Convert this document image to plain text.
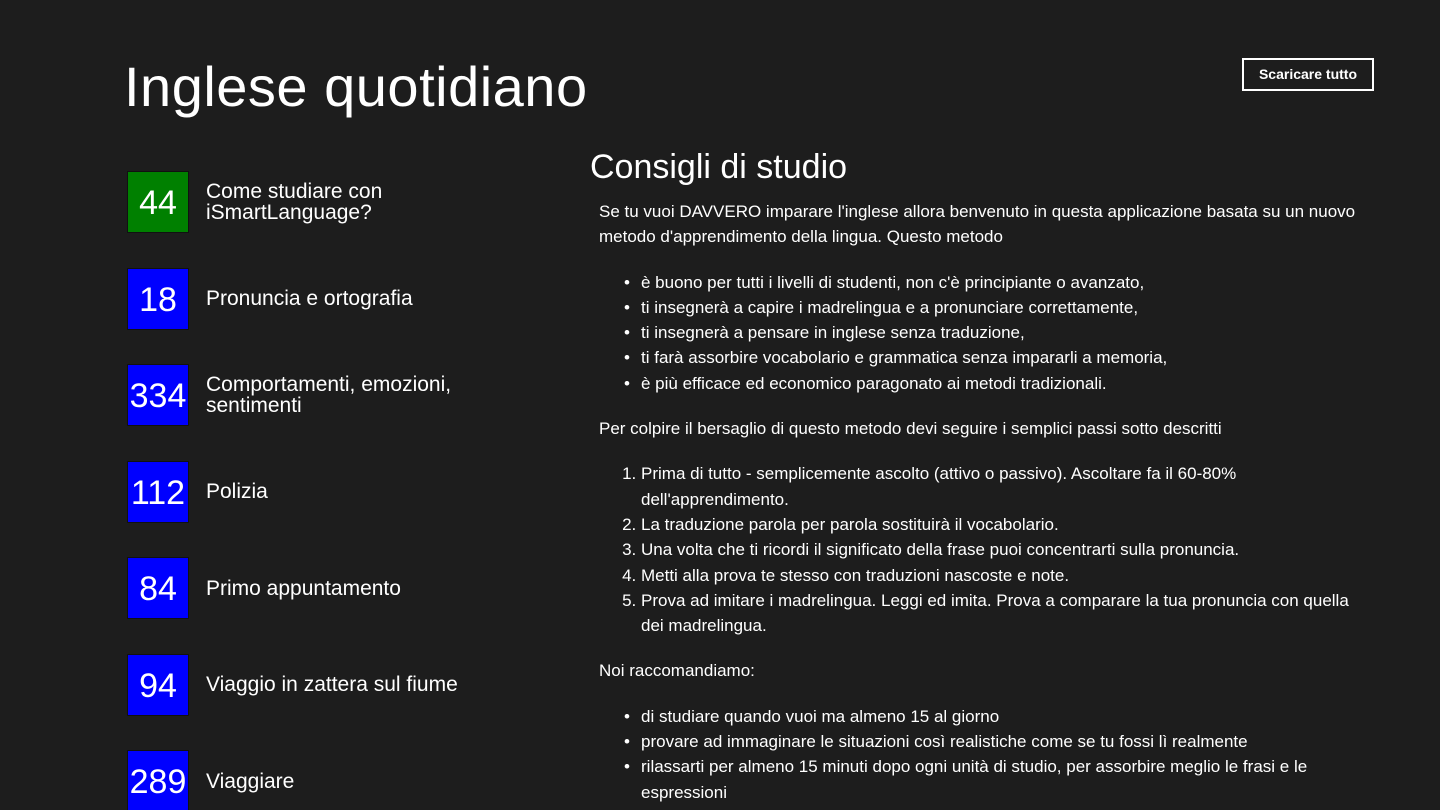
Inglese quotidiano	Scaricare tutto
44	Come studiare con iSmartLanguage?
18	Pronuncia e ortografia
334 Comportamenti, emozioni, sentimenti
112 Polizia
84	Primo appuntamento
94	Viaggio in zattera sul fiume
289 Viaggiare
Consigli di studio

Se tu vuoi DAVVERO imparare l'inglese allora benvenuto in questa applicazione basata su un nuovo metodo d'apprendimento della lingua. Questo metodo

• è buono per tutti i livelli di studenti, non c'è principiante o avanzato,
• ti insegnerà a capire i madrelingua e a pronunciare correttamente,
• ti insegnerà a pensare in inglese senza traduzione,
• ti farà assorbire vocabolario e grammatica senza impararli a memoria,
• è più efficace ed economico paragonato ai metodi tradizionali.

Per colpire il bersaglio di questo metodo devi seguire i semplici passi sotto descritti

1. Prima di tutto - semplicemente ascolto (attivo o passivo). Ascoltare fa il 60-80% dell'apprendimento.
2. La traduzione parola per parola sostituirà il vocabolario.
3. Una volta che ti ricordi il significato della frase puoi concentrarti sulla pronuncia.
4. Metti alla prova te stesso con traduzioni nascoste e note.
5. Prova ad imitare i madrelingua. Leggi ed imita. Prova a comparare la tua pronuncia con quella dei madrelingua.

Noi raccomandiamo:

• di studiare quando vuoi ma almeno 15 al giorno
• provare ad immaginare le situazioni così realistiche come se tu fossi lì realmente
• rilassarti per almeno 15 minuti dopo ogni unità di studio, per assorbire meglio le frasi e le espressioni
